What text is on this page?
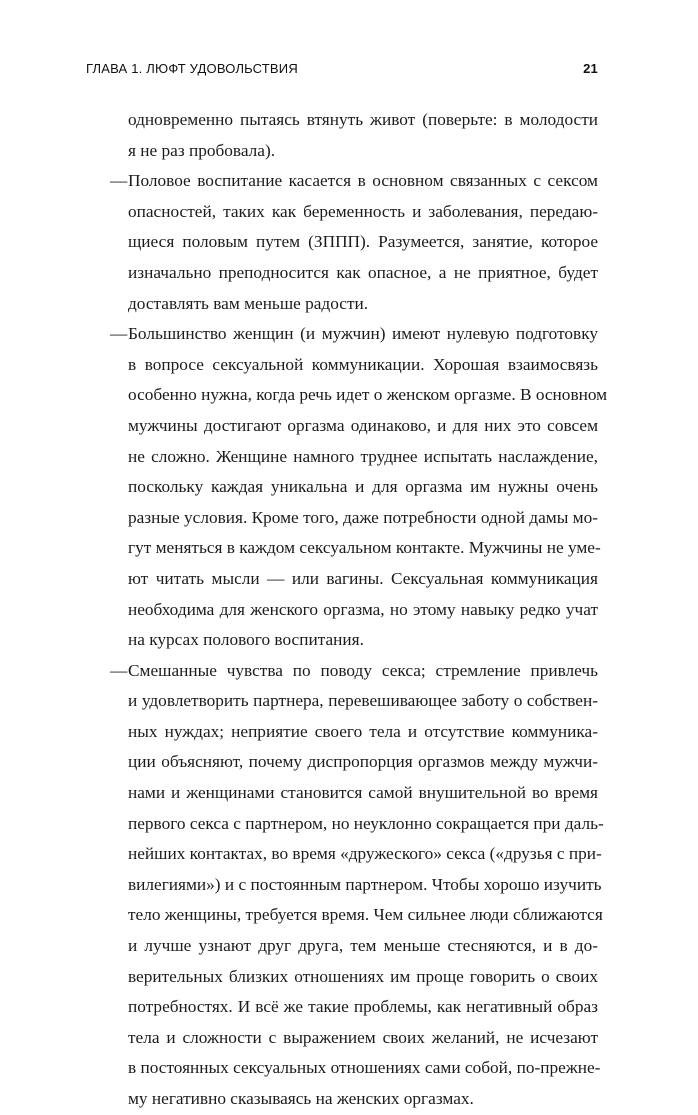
ГЛАВА 1. ЛЮФТ УДОВОЛЬСТВИЯ	21
одновременно пытаясь втянуть живот (поверьте: в молодости
я не раз пробовала).
— Половое воспитание касается в основном связанных с сексом
опасностей, таких как беременность и заболевания, передаю-
щиеся половым путем (ЗППП). Разумеется, занятие, которое
изначально преподносится как опасное, а не приятное, будет
доставлять вам меньше радости.
— Большинство женщин (и мужчин) имеют нулевую подготовку
в вопросе сексуальной коммуникации. Хорошая взаимосвязь
особенно нужна, когда речь идет о женском оргазме. В основном
мужчины достигают оргазма одинаково, и для них это совсем
не сложно. Женщине намного труднее испытать наслаждение,
поскольку каждая уникальна и для оргазма им нужны очень
разные условия. Кроме того, даже потребности одной дамы мо-
гут меняться в каждом сексуальном контакте. Мужчины не уме-
ют читать мысли — или вагины. Сексуальная коммуникация
необходима для женского оргазма, но этому навыку редко учат
на курсах полового воспитания.
— Смешанные чувства по поводу секса; стремление привлечь
и удовлетворить партнера, перевешивающее заботу о собствен-
ных нуждах; неприятие своего тела и отсутствие коммуника-
ции объясняют, почему диспропорция оргазмов между мужчи-
нами и женщинами становится самой внушительной во время
первого секса с партнером, но неуклонно сокращается при даль-
нейших контактах, во время «дружеского» секса («друзья с при-
вилегиями») и с постоянным партнером. Чтобы хорошо изучить
тело женщины, требуется время. Чем сильнее люди сближаются
и лучше узнают друг друга, тем меньше стесняются, и в до-
верительных близких отношениях им проще говорить о своих
потребностях. И всё же такие проблемы, как негативный образ
тела и сложности с выражением своих желаний, не исчезают
в постоянных сексуальных отношениях сами собой, по-прежне-
му негативно сказываясь на женских оргазмах.
